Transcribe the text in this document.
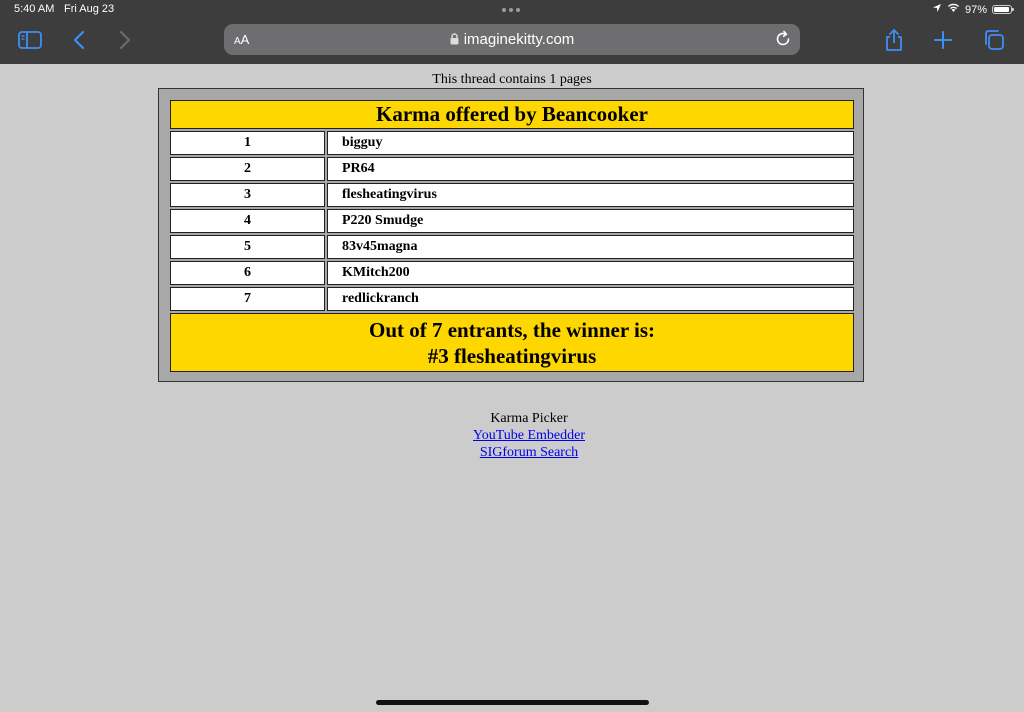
5:40 AM Fri Aug 23	97%
AA	imaginekitty.com
This thread contains 1 pages
Karma offered by Beancooker
1	bigguy
2	PR64
3	flesheatingvirus
4	P220 Smudge
5	83v45magna
6	KMitch200
7	redlickranch
Out of 7 entrants, the winner is:
#3 flesheatingvirus
Karma Picker
YouTube Embedder
SIGforum Search
